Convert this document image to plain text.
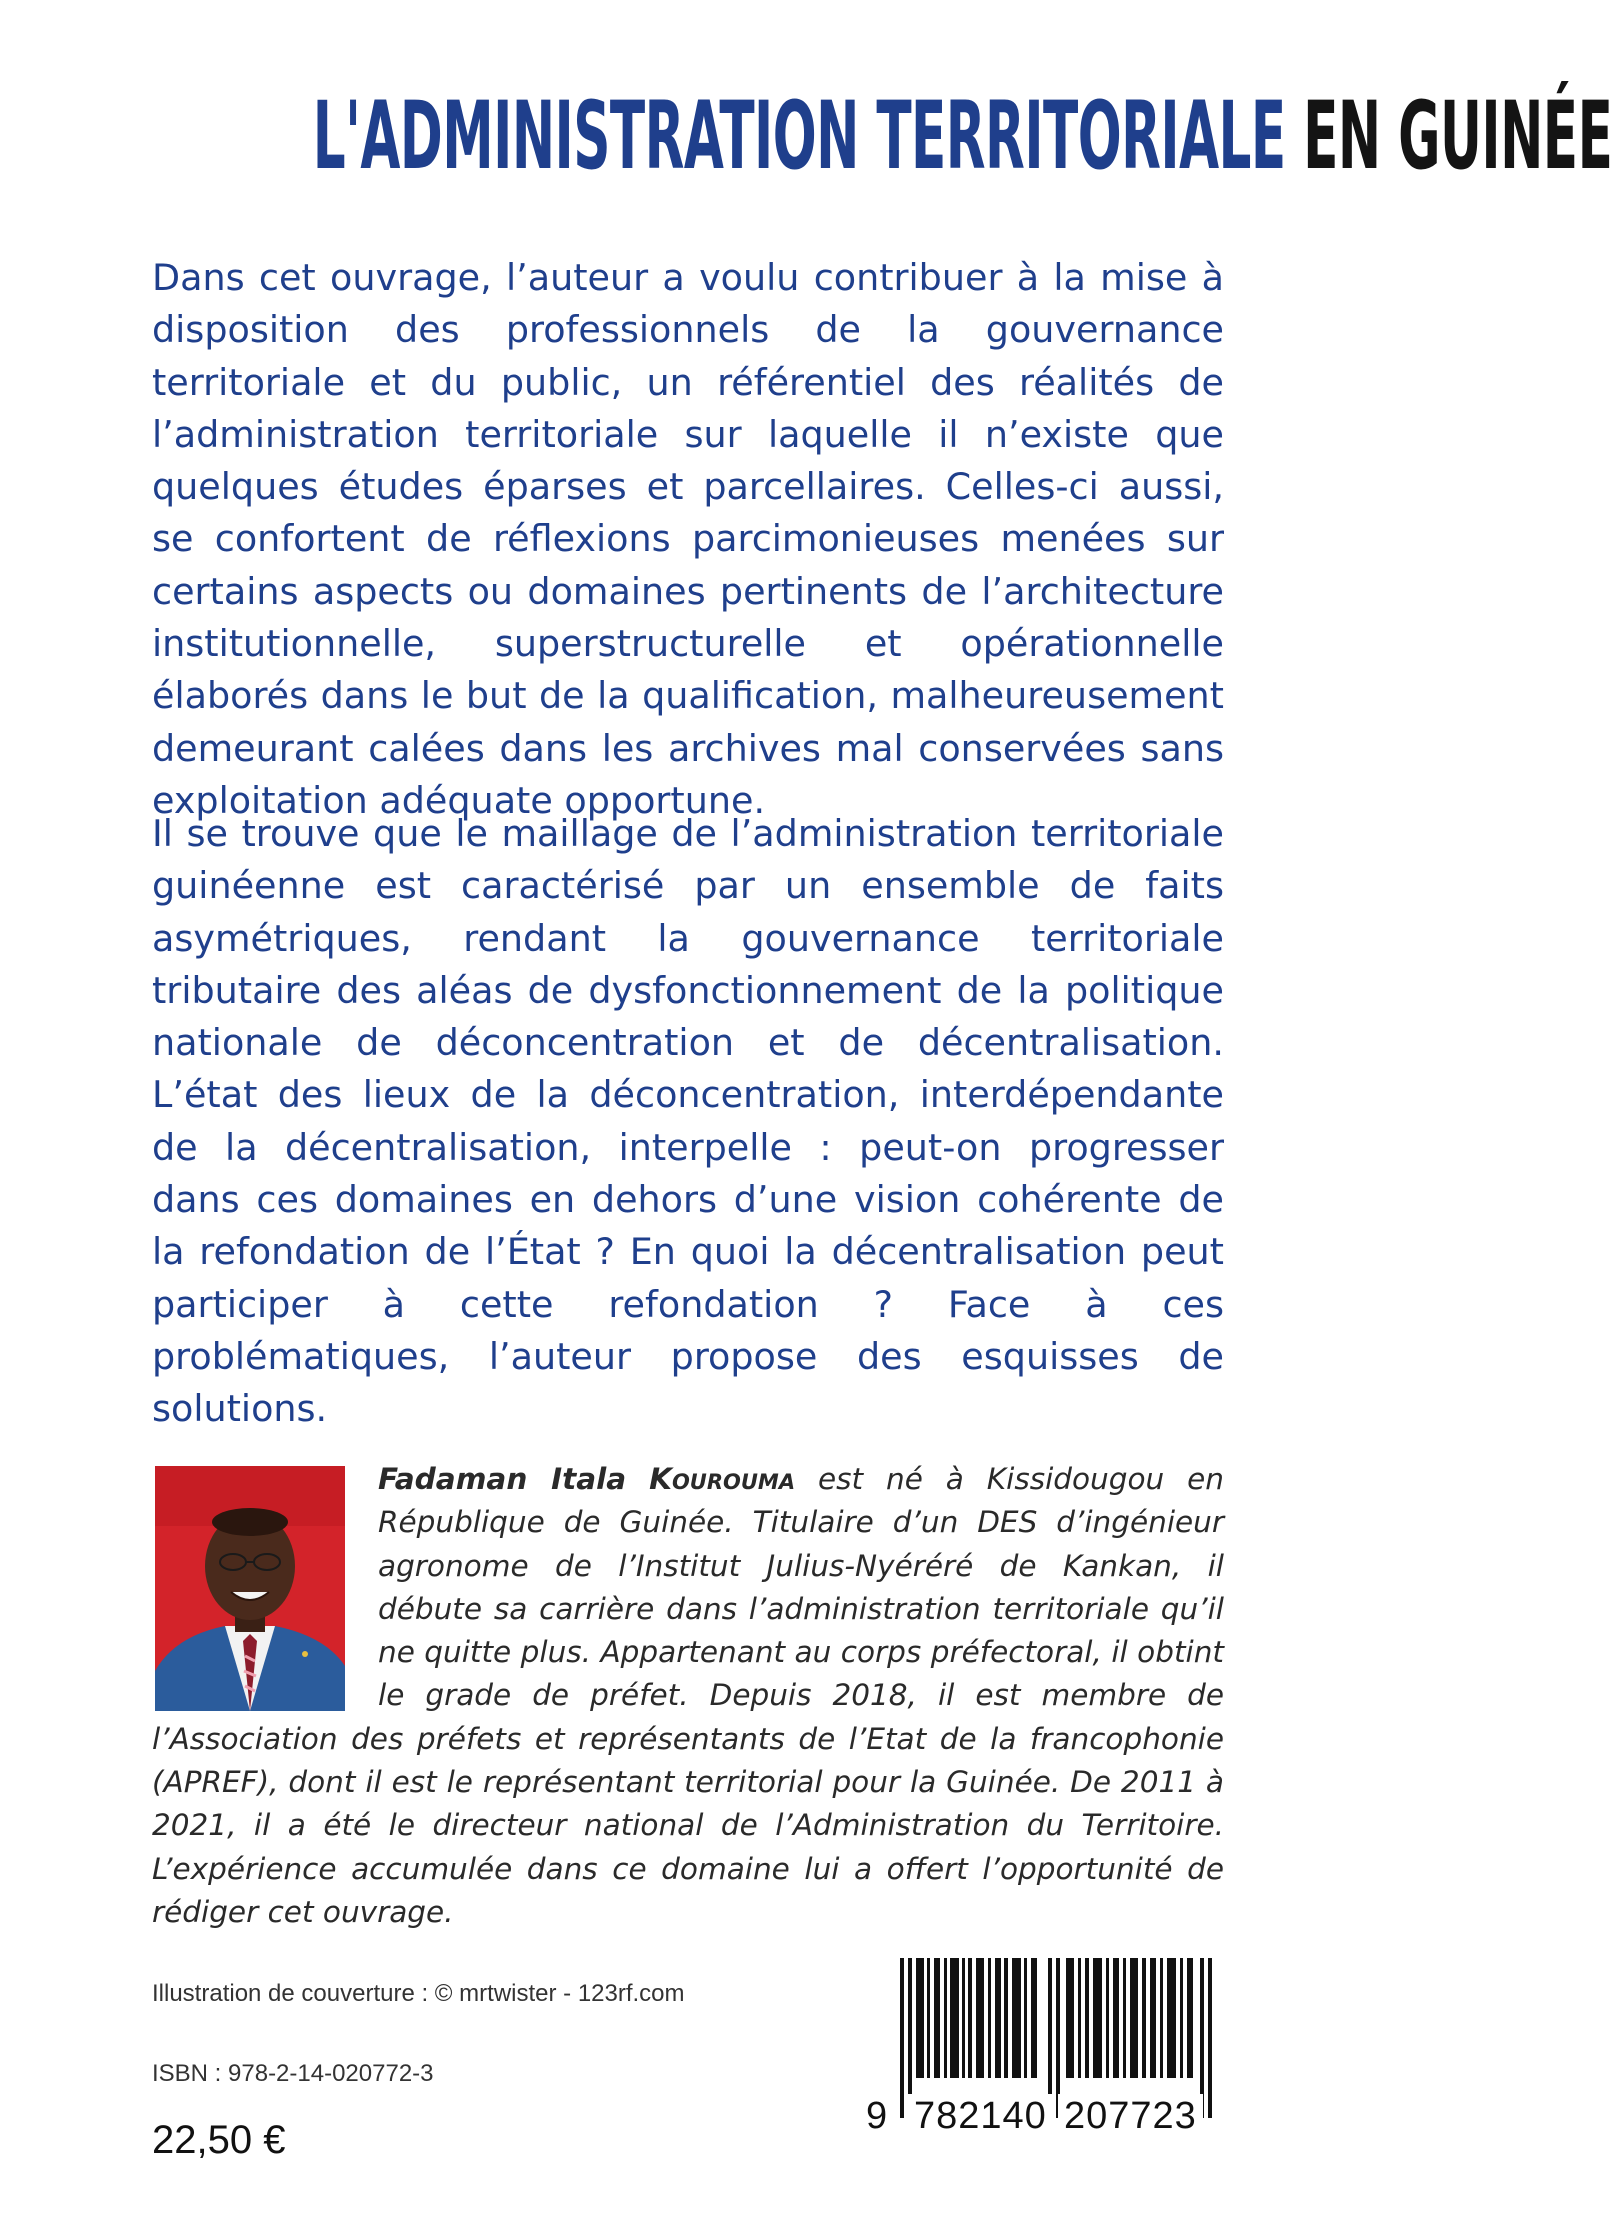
L'ADMINISTRATION TERRITORIALE EN GUINÉE

Dans cet ouvrage, l’auteur a voulu contribuer à la mise à disposition des professionnels de la gouvernance territoriale et du public, un référentiel des réalités de l’administration territoriale sur laquelle il n’existe que quelques études éparses et parcellaires. Celles-ci aussi, se confortent de réflexions parcimonieuses menées sur certains aspects ou domaines pertinents de l’architecture institutionnelle, superstructurelle et opérationnelle élaborés dans le but de la qualification, malheureusement demeurant calées dans les archives mal conservées sans exploitation adéquate opportune.

Il se trouve que le maillage de l’administration territoriale guinéenne est caractérisé par un ensemble de faits asymétriques, rendant la gouvernance territoriale tributaire des aléas de dysfonctionnement de la politique nationale de déconcentration et de décentralisation. L’état des lieux de la déconcentration, interdépendante de la décentralisation, interpelle : peut-on progresser dans ces domaines en dehors d’une vision cohérente de la refondation de l’État ? En quoi la décentralisation peut participer à cette refondation ? Face à ces problématiques, l’auteur propose des esquisses de solutions.

Fadaman Itala Kourouma est né à Kissidougou en République de Guinée. Titulaire d’un DES d’ingénieur agronome de l’Institut Julius-Nyéréré de Kankan, il débute sa carrière dans l’administration territoriale qu’il ne quitte plus. Appartenant au corps préfectoral, il obtint le grade de préfet. Depuis 2018, il est membre de l’Association des préfets et représentants de l’Etat de la francophonie (APREF), dont il est le représentant territorial pour la Guinée. De 2011 à 2021, il a été le directeur national de l’Administration du Territoire. L’expérience accumulée dans ce domaine lui a offert l’opportunité de rédiger cet ouvrage.

Illustration de couverture : © mrtwister - 123rf.com
ISBN : 978-2-14-020772-3
22,50 €
9 782140 207723
